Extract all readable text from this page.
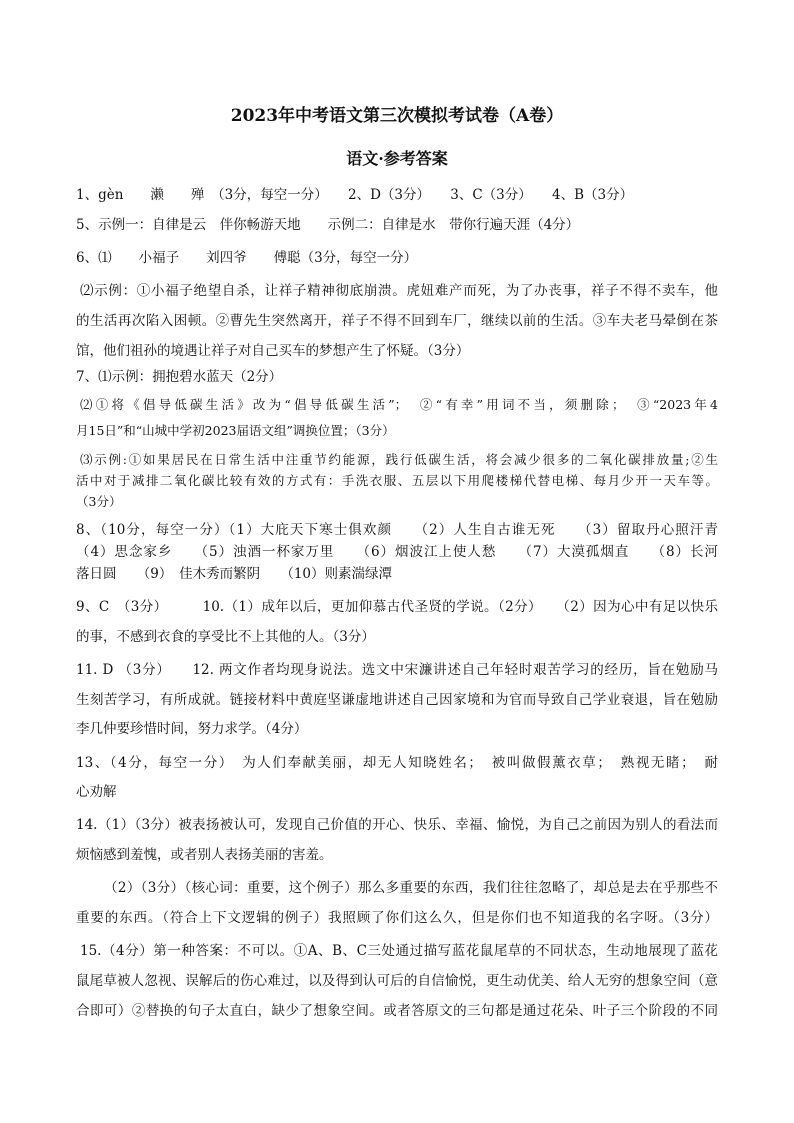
2023年中考语文第三次模拟考试卷（A卷）
语文·参考答案
1、gèn　　濑　　殚　（3分，每空一分）　　2、D（3分）　　3、C（3分）　　4、B（3分）
5、示例一：自律是云　伴你畅游天地　　示例二：自律是水　带你行遍天涯（4分）
6、⑴　　小福子　　刘四爷　　傅聪（3分，每空一分）
⑵示例：①小福子绝望自杀，让祥子精神彻底崩溃。虎妞难产而死，为了办丧事，祥子不得不卖车，他
的生活再次陷入困顿。②曹先生突然离开，祥子不得不回到车厂，继续以前的生活。③车夫老马晕倒在茶
馆，他们祖孙的境遇让祥子对自己买车的梦想产生了怀疑。（3分）
7、⑴示例：拥抱碧水蓝天（2分）
⑵①将《倡导低碳生活》改为“倡导低碳生活”；　②“有幸”用词不当，须删除；　③“2023年4
月15日”和“山城中学初2023届语文组”调换位置；（3分）
⑶示例:①如果居民在日常生活中注重节约能源，践行低碳生活，将会减少很多的二氧化碳排放量;②生
活中对于减排二氧化碳比较有效的方式有：手洗衣服、五层以下用爬楼梯代替电梯、每月少开一天车等。
（3分）
8、（10分，每空一分）（1）大庇天下寒士俱欢颜　　（2）人生自古谁无死　　（3）留取丹心照汗青
（4）思念家乡　　（5）浊酒一杯家万里　　（6）烟波江上使人愁　　（7）大漠孤烟直　　（8）长河
落日圆　　（9）　佳木秀而繁阴　　（10）则素湍绿潭
9、C　（3分）　　　10.（1）成年以后，更加仰慕古代圣贤的学说。（2分）　　（2）因为心中有足以快乐
的事，不感到衣食的享受比不上其他的人。（3分）
11. D （3分）　　12. 两文作者均现身说法。选文中宋濂讲述自己年轻时艰苦学习的经历，旨在勉励马
生刻苦学习，有所成就。链接材料中黄庭坚谦虚地讲述自己因家境和为官而导致自己学业衰退，旨在勉励
李几仲要珍惜时间，努力求学。（4分）
13、（4分，每空一分）　为人们奉献美丽，却无人知晓姓名；　被叫做假薰衣草；　熟视无睹；　耐
心劝解
14.（1）（3分）被表扬被认可，发现自己价值的开心、快乐、幸福、愉悦，为自己之前因为别人的看法而
烦恼感到羞愧，或者别人表扬美丽的害羞。
（2）（3分）（核心词：重要，这个例子）那么多重要的东西，我们往往忽略了，却总是去在乎那些不
重要的东西。（符合上下文逻辑的例子）我照顾了你们这么久，但是你们也不知道我的名字呀。（3分）
15.（4分）第一种答案：不可以。①A、B、C三处通过描写蓝花鼠尾草的不同状态，生动地展现了蓝花
鼠尾草被人忽视、误解后的伤心难过，以及得到认可后的自信愉悦，更生动优美、给人无穷的想象空间（意
合即可）②替换的句子太直白，缺少了想象空间。或者答原文的三句都是通过花朵、叶子三个阶段的不同
